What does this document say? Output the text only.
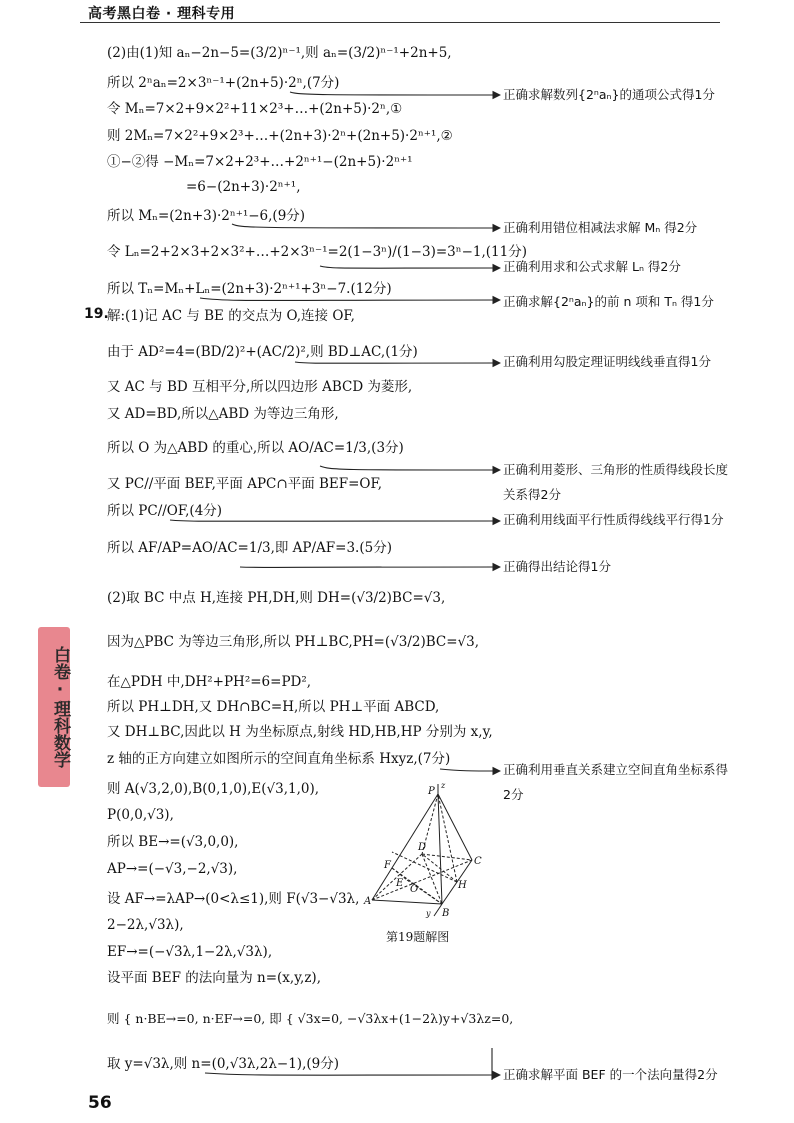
高考黑白卷 · 理科专用
(2)由(1)知 aₙ−2n−5=(3/2)ⁿ⁻¹,则 aₙ=(3/2)ⁿ⁻¹+2n+5,
所以 2ⁿaₙ=2×3ⁿ⁻¹+(2n+5)·2ⁿ,(7分)
令 Mₙ=7×2+9×2²+11×2³+…+(2n+5)·2ⁿ,①
则 2Mₙ=7×2²+9×2³+…+(2n+3)·2ⁿ+(2n+5)·2ⁿ⁺¹,②
①−②得 −Mₙ=7×2+2³+…+2ⁿ⁺¹−(2n+5)·2ⁿ⁺¹
=6−(2n+3)·2ⁿ⁺¹,
所以 Mₙ=(2n+3)·2ⁿ⁺¹−6,(9分)
令 Lₙ=2+2×3+2×3²+…+2×3ⁿ⁻¹=2(1−3ⁿ)/(1−3)=3ⁿ−1,(11分)
所以 Tₙ=Mₙ+Lₙ=(2n+3)·2ⁿ⁺¹+3ⁿ−7.(12分)
19.
解:(1)记 AC 与 BE 的交点为 O,连接 OF,
由于 AD²=4=(BD/2)²+(AC/2)²,则 BD⊥AC,(1分)
又 AC 与 BD 互相平分,所以四边形 ABCD 为菱形,
又 AD=BD,所以△ABD 为等边三角形,
所以 O 为△ABD 的重心,所以 AO/AC=1/3,(3分)
又 PC//平面 BEF,平面 APC∩平面 BEF=OF,
所以 PC//OF,(4分)
所以 AF/AP=AO/AC=1/3,即 AP/AF=3.(5分)
(2)取 BC 中点 H,连接 PH,DH,则 DH=(√3/2)BC=√3,
因为△PBC 为等边三角形,所以 PH⊥BC,PH=(√3/2)BC=√3,
在△PDH 中,DH²+PH²=6=PD²,
所以 PH⊥DH,又 DH∩BC=H,所以 PH⊥平面 ABCD,
又 DH⊥BC,因此以 H 为坐标原点,射线 HD,HB,HP 分别为 x,y,
z 轴的正方向建立如图所示的空间直角坐标系 Hxyz,(7分)
则 A(√3,2,0),B(0,1,0),E(√3,1,0),
P(0,0,√3),
所以 BE→=(√3,0,0),
AP→=(−√3,−2,√3),
设 AF→=λAP→(0<λ≤1),则 F(√3−√3λ,
2−2λ,√3λ),
EF→=(−√3λ,1−2λ,√3λ),
设平面 BEF 的法向量为 n=(x,y,z),
则 { n·BE→=0, n·EF→=0, 即 { √3x=0, −√3λx+(1−2λ)y+√3λz=0,
取 y=√3λ,则 n=(0,√3λ,2λ−1),(9分)
正确求解数列{2ⁿaₙ}的通项公式得1分
正确利用错位相减法求解 Mₙ 得2分
正确利用求和公式求解 Lₙ 得2分
正确求解{2ⁿaₙ}的前 n 项和 Tₙ 得1分
正确利用勾股定理证明线线垂直得1分
正确利用菱形、三角形的性质得线段长度
关系得2分
正确利用线面平行性质得线线平行得1分
正确得出结论得1分
正确利用垂直关系建立空间直角坐标系得
2分
正确求解平面 BEF 的一个法向量得2分
P
z
D
C
F
E
O	H
A
y B
第19题解图
白卷·理科数学
56
